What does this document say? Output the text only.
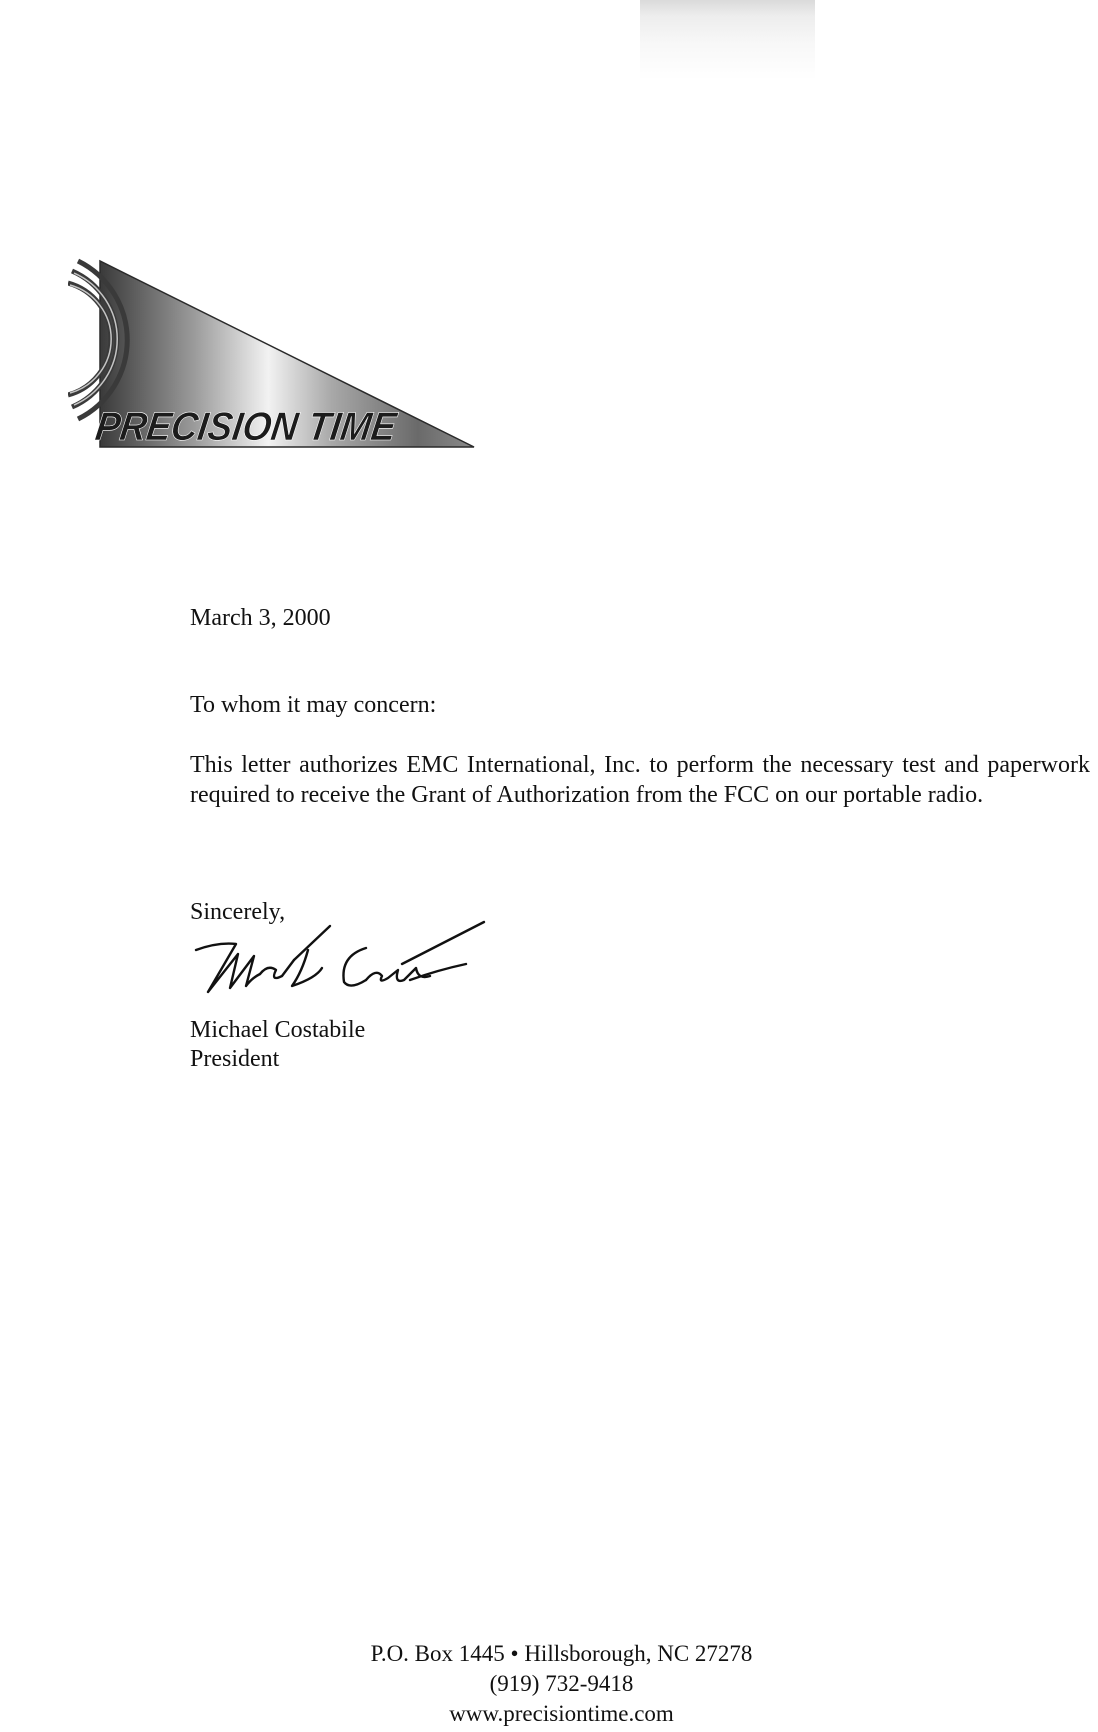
PRECISION TIME

March 3, 2000

To whom it may concern:

This letter authorizes EMC International, Inc. to perform the necessary test and paperwork required to receive the Grant of Authorization from the FCC on our portable radio.

Sincerely,

Michael Costabile

President

P.O. Box 1445 • Hillsborough, NC 27278
(919) 732-9418
www.precisiontime.com
